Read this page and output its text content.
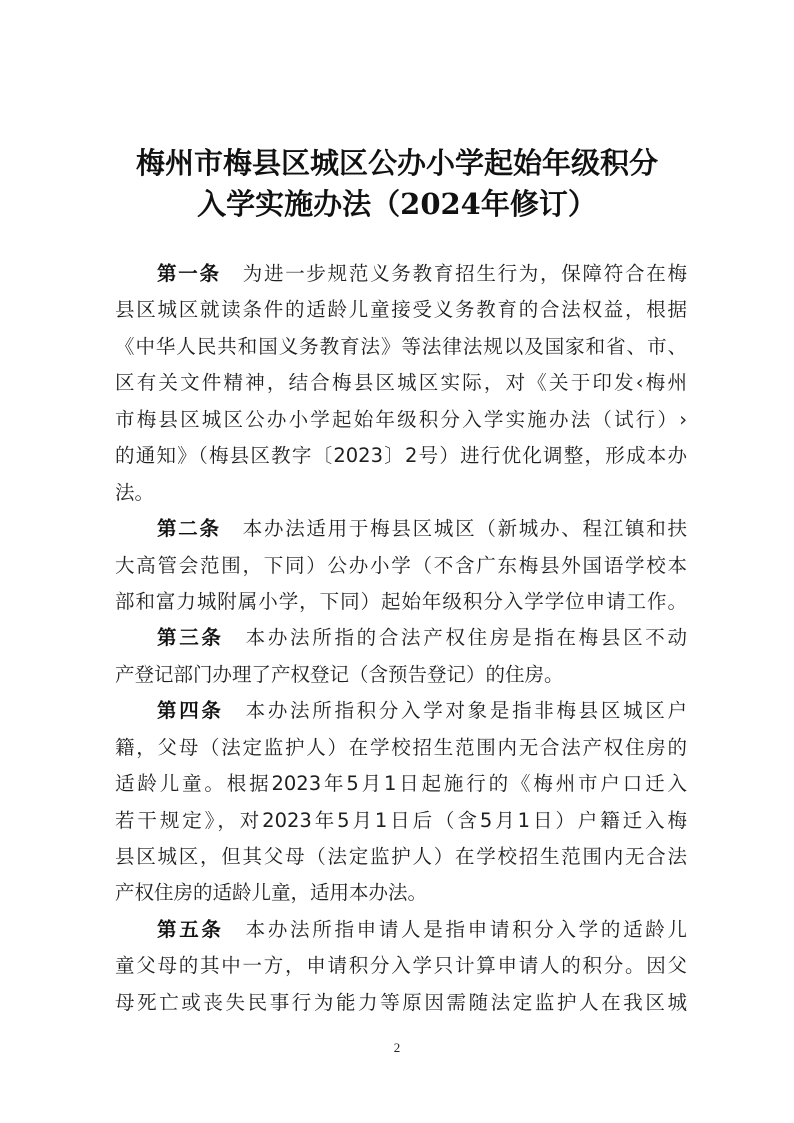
梅州市梅县区城区公办小学起始年级积分
入学实施办法（2024年修订）
第一条 为进一步规范义务教育招生行为，保障符合在梅
县区城区就读条件的适龄儿童接受义务教育的合法权益，根据
《中华人民共和国义务教育法》等法律法规以及国家和省、市、
区有关文件精神，结合梅县区城区实际，对《关于印发‹梅州
市梅县区城区公办小学起始年级积分入学实施办法（试行）›
的通知》（梅县区教字〔2023〕2号）进行优化调整，形成本办
法。
第二条 本办法适用于梅县区城区（新城办、程江镇和扶
大高管会范围，下同）公办小学（不含广东梅县外国语学校本
部和富力城附属小学，下同）起始年级积分入学学位申请工作。
第三条 本办法所指的合法产权住房是指在梅县区不动
产登记部门办理了产权登记（含预告登记）的住房。
第四条 本办法所指积分入学对象是指非梅县区城区户
籍，父母（法定监护人）在学校招生范围内无合法产权住房的
适龄儿童。根据2023年5月1日起施行的《梅州市户口迁入
若干规定》，对2023年5月1日后（含5月1日）户籍迁入梅
县区城区，但其父母（法定监护人）在学校招生范围内无合法
产权住房的适龄儿童，适用本办法。
第五条 本办法所指申请人是指申请积分入学的适龄儿
童父母的其中一方，申请积分入学只计算申请人的积分。因父
母死亡或丧失民事行为能力等原因需随法定监护人在我区城
2
